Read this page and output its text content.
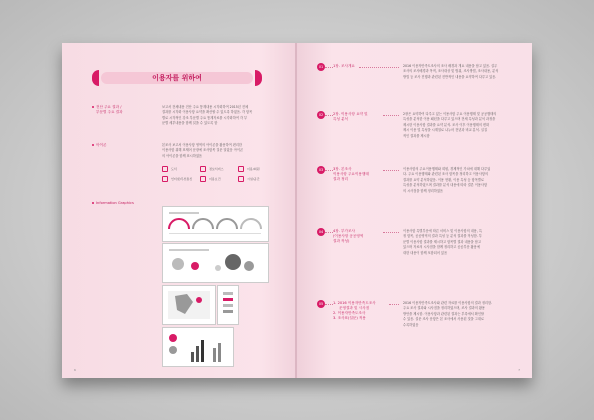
이용자를 위하여
전산 주요 결과 /
부문별 주요 결과
보고서 전체내용 전산 주요 통계내용 시각화하여 2015년 전체
결과를 시각화 이용사항 요약을 확산할 수 있도록 하였음. 각 항목
별로 시각적인 강조 부문별 주요 통계자료를 시각화하여 각 부
문별 세부내용을 함께 읽을 수 있도록 함
아이콘	본조사 보고서 이용사항 영역의 아이콘을 활용하여 편리한
이용사항 위해 표제어 문장에 조사항목 질문 달았음 아이콘
의 아이콘을 함께 표시하였음
도서	정보서비스	이용/회원
인터넷/무선통신	이용요건	시설/공간
Information Graphics
6
01	1장. 조사개요	2016 이용자만족도조사의 조사 배경과 개요 내용을 담고 있음. 설무
조사의 조사배경과 목적, 조사대상 및 범위, 조사방법, 조사내용, 분석
방법 등 조사 진행과 관련된 전반적인 내용을 요약하여 다루고 있음.
02	2장. 이용사항 요약 및
특성 분석
2장은 요약하여 다루고 있는 이용사항 주요 이용행태 및 공공행태의
특성을 분석한 이용 패턴을 다루고 있으며 전체 특성과 분석 과정을
제시한 이용사항 결과를 요약 분석. 조사 이후 이용행태의 변화
제시 이용 및 특성을 시계열로 나누어 전년과 비교 분석. 실질
적인 결과를 제시함
03	3장. 본조사
이용사항 주요이용행태
결과 정리
이용사항의 주요이용행태와 회원, 경제적인 가치에 대해 다루었
다. 주요 이용행태와 관련된 조사 항목을 정리하고 이용사항의
결과를 요약 분석하였음. 이용 현황, 이용 특성 등 항목별로
특성을 분석하였으며 결과를 분석 내용에 따라 결론 이용사항
의 시사점을 함께 정리하였음
04	4장. 부가조사
(이용사항 공공영역
결과 작성)
이용사항 특별부문에 따른 서비스 및 이용사항의 내용, 특
정 항목, 공공영역의 결과 특성 등 분석 결과를 작성함. 부
문별 이용사항 결과를 제시하고 항목별 결과 내용을 담고
있으며 자료의 시사점을 함께 정리하고 공공부문 활용에
대한 내용이 함께 포함되어 있음
05	1. 2016 이용자만족도조사
운영결과 및 시사점
2. 이용자만족도조사
3. 조사표(설문) 적용
2016 이용자만족도조사와 관련 자료를 이용사항의 결과 정리함.
주요 조사 결과와 시사점을 정리하였으며, 조사 결과의 활용
방안을 제시함. 이용사항과 관련된 결과는 부록에서 확인할
수 있음. 설문 조사 문항은 본 조사에서 사용된 것을 그대로
수록하였음
7
